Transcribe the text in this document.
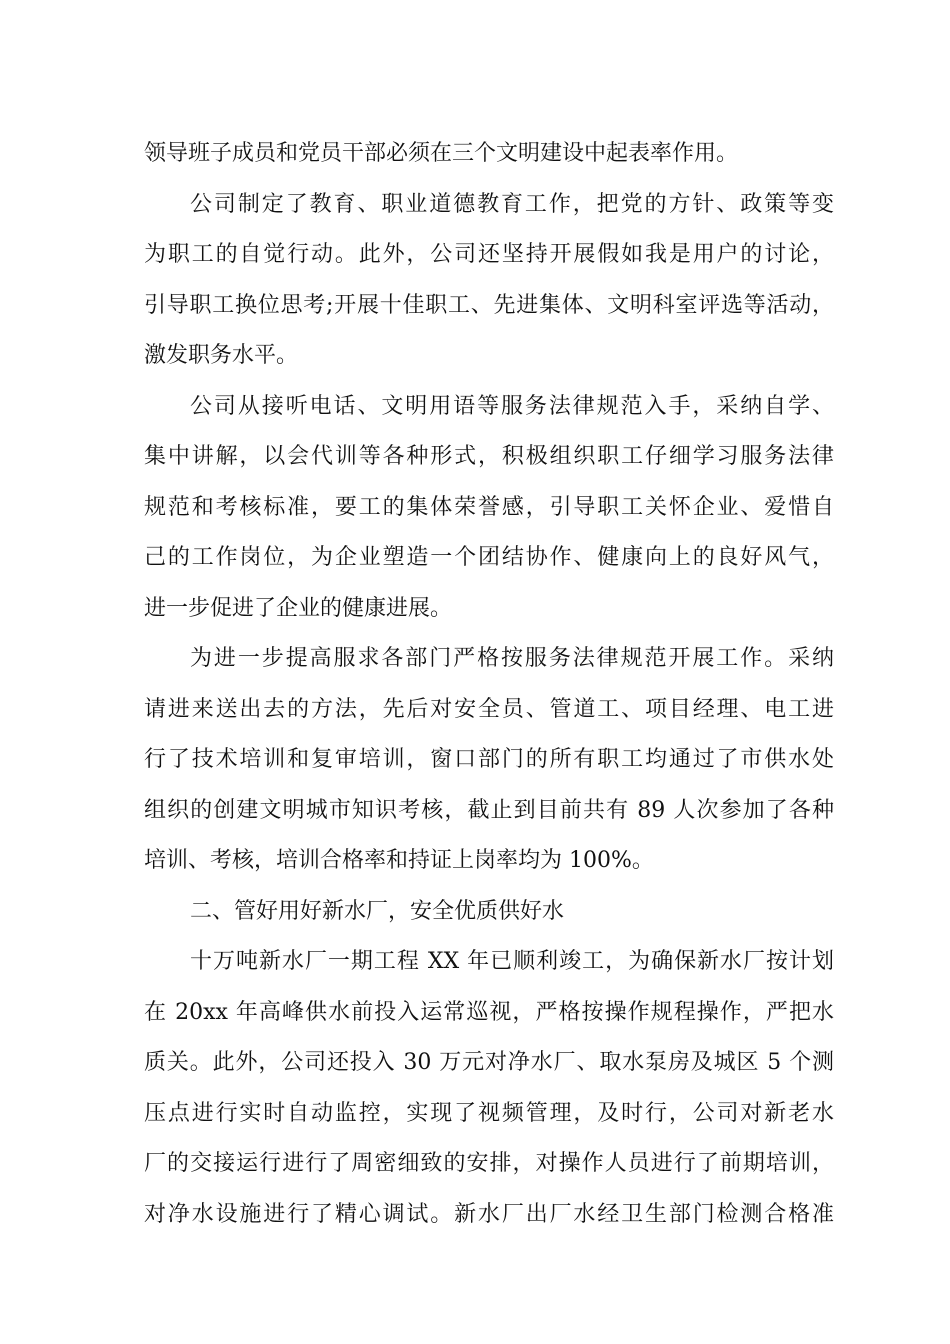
领导班子成员和党员干部必须在三个文明建设中起表率作用。

公司制定了教育、职业道德教育工作，把党的方针、政策等变
为职工的自觉行动。此外，公司还坚持开展假如我是用户的讨论，
引导职工换位思考;开展十佳职工、先进集体、文明科室评选等活动，
激发职务水平。

公司从接听电话、文明用语等服务法律规范入手，采纳自学、
集中讲解，以会代训等各种形式，积极组织职工仔细学习服务法律
规范和考核标准，要工的集体荣誉感，引导职工关怀企业、爱惜自
己的工作岗位，为企业塑造一个团结协作、健康向上的良好风气，
进一步促进了企业的健康进展。

为进一步提高服求各部门严格按服务法律规范开展工作。采纳
请进来送出去的方法，先后对安全员、管道工、项目经理、电工进
行了技术培训和复审培训，窗口部门的所有职工均通过了市供水处
组织的创建文明城市知识考核，截止到目前共有 89 人次参加了各种
培训、考核，培训合格率和持证上岗率均为 100%。

二、管好用好新水厂，安全优质供好水

十万吨新水厂一期工程 XX 年已顺利竣工，为确保新水厂按计划
在 20xx 年高峰供水前投入运常巡视，严格按操作规程操作，严把水
质关。此外，公司还投入 30 万元对净水厂、取水泵房及城区 5 个测
压点进行实时自动监控，实现了视频管理，及时行，公司对新老水
厂的交接运行进行了周密细致的安排，对操作人员进行了前期培训，
对净水设施进行了精心调试。新水厂出厂水经卫生部门检测合格准
